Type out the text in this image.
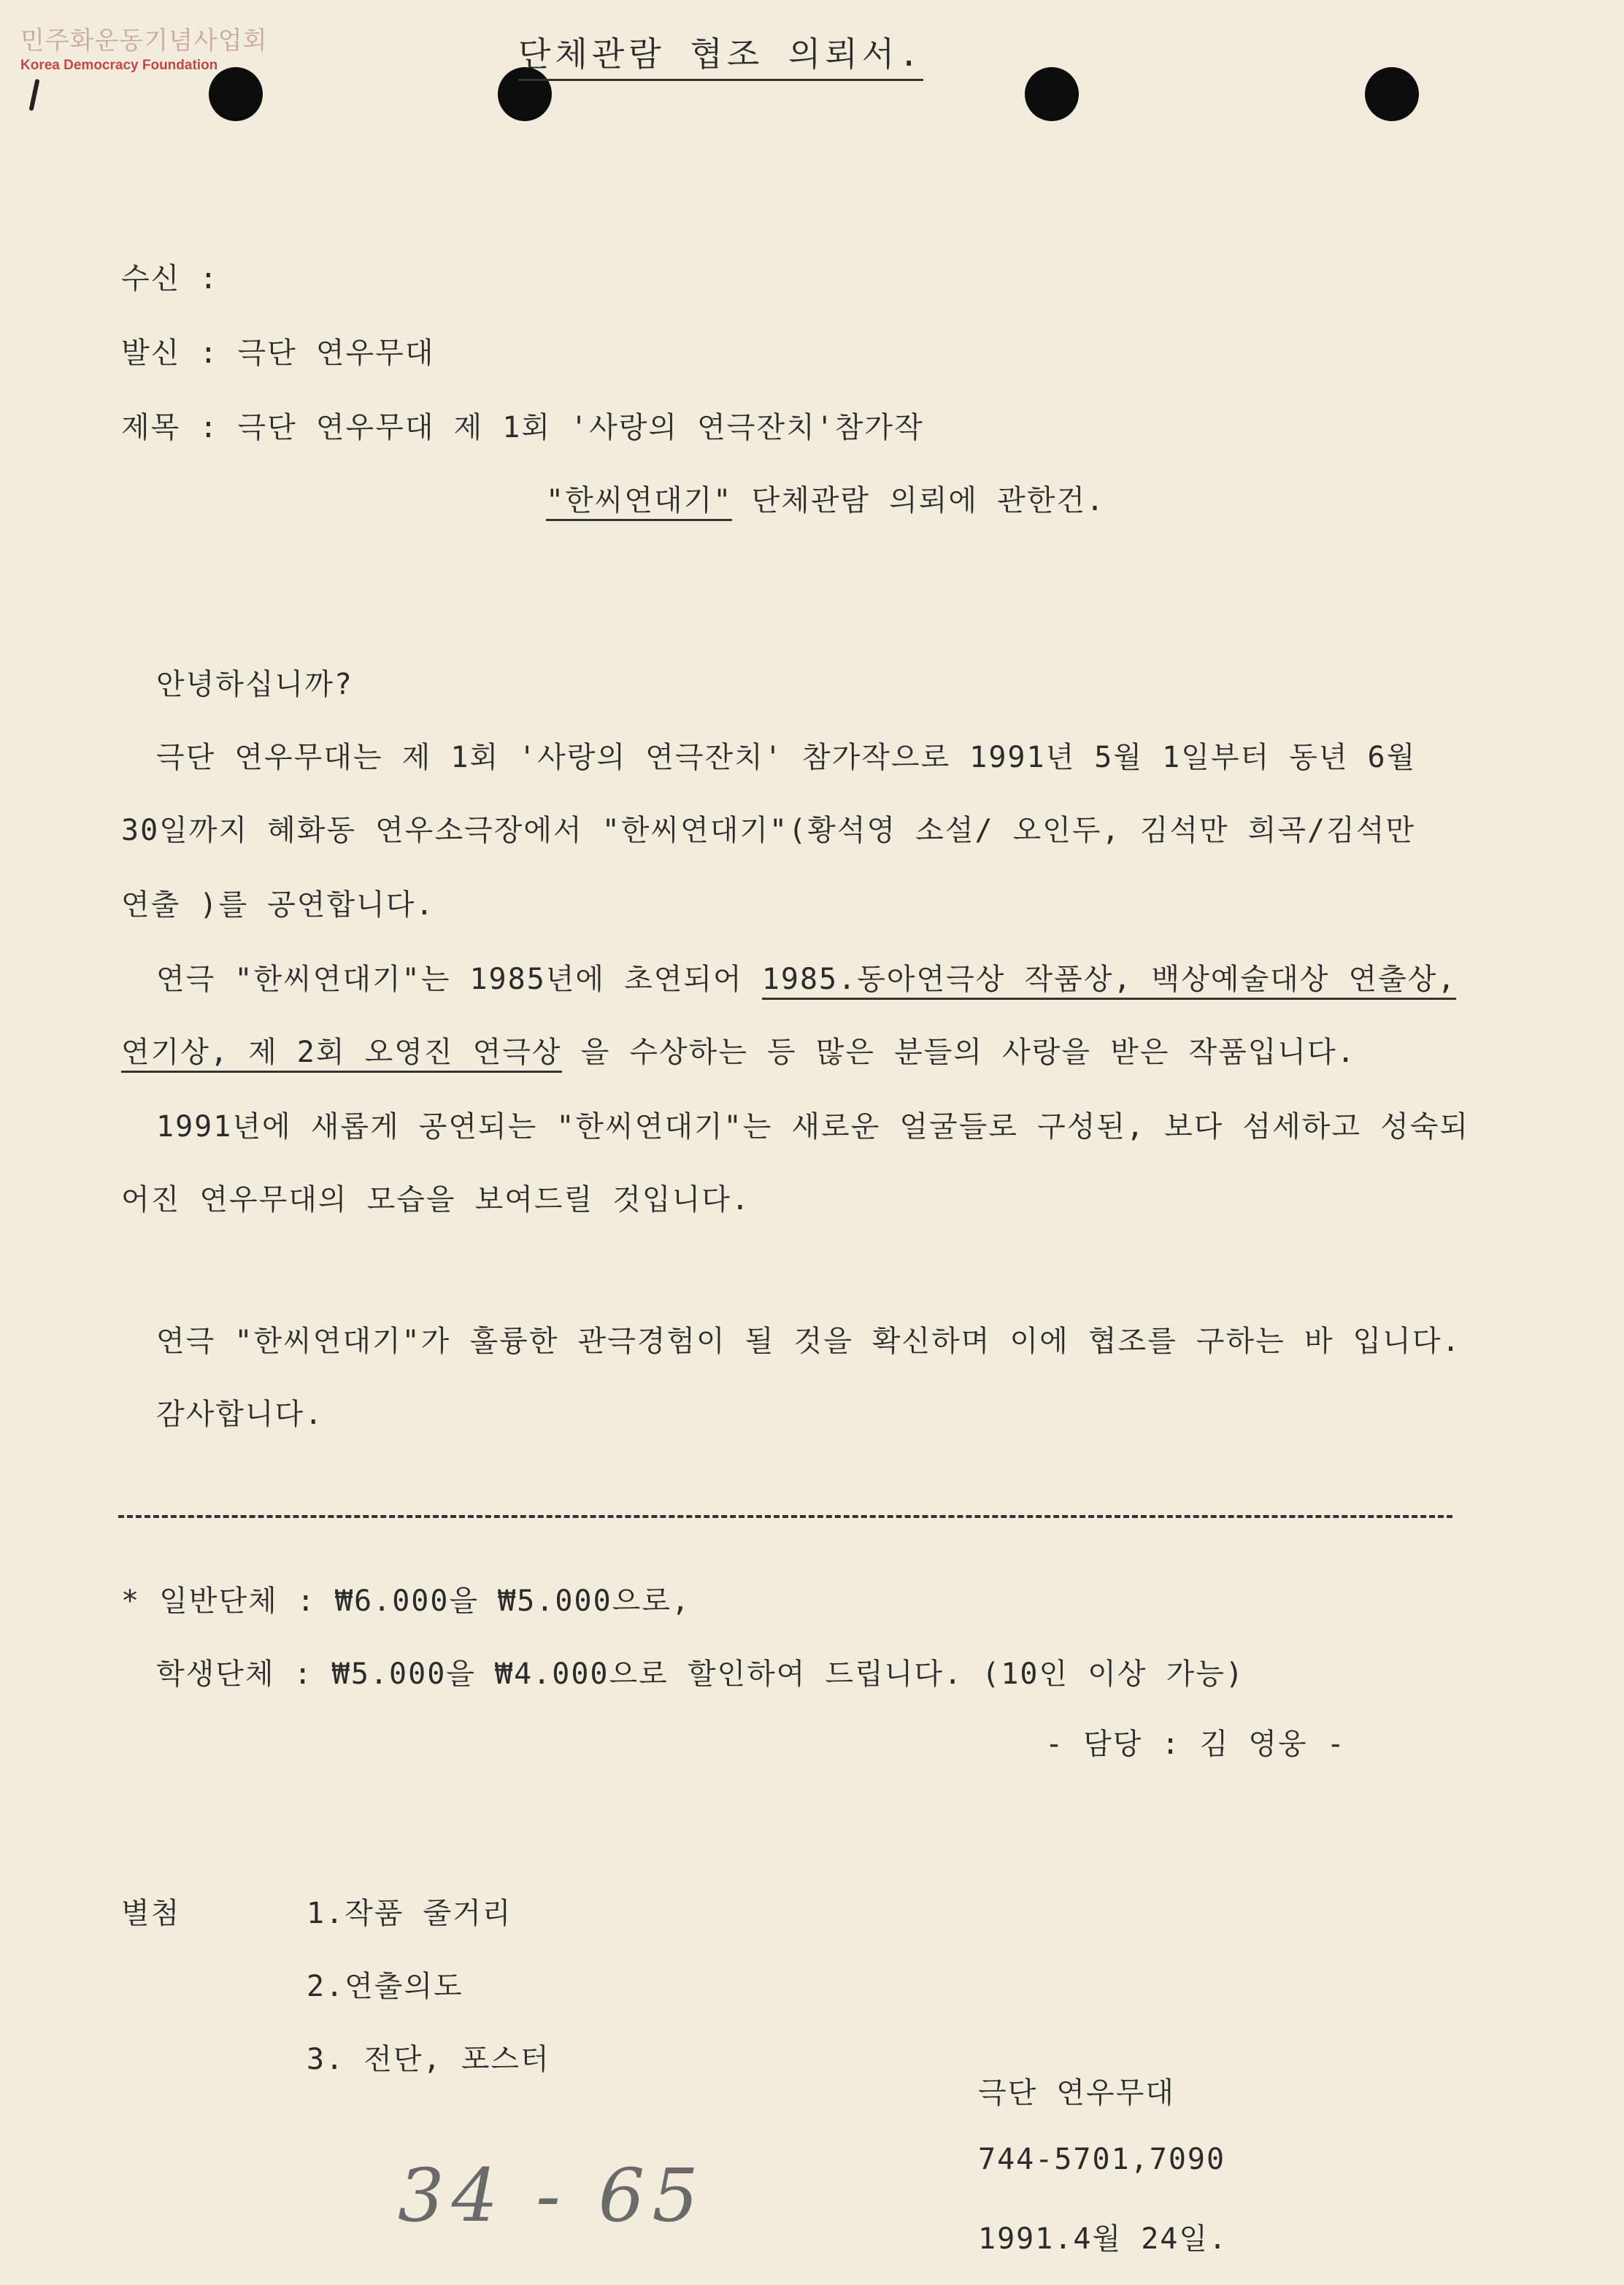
민주화운동기념사업회
Korea Democracy Foundation	단체관람 협조 의뢰서.
수신 :
발신 : 극단 연우무대
제목 : 극단 연우무대 제 1회 '사랑의 연극잔치'참가작
"한씨연대기" 단체관람 의뢰에 관한건.
안녕하십니까?
극단 연우무대는 제 1회 '사랑의 연극잔치' 참가작으로 1991년 5월 1일부터 동년 6월
30일까지 혜화동 연우소극장에서 "한씨연대기"(황석영 소설/ 오인두, 김석만 희곡/김석만
연출 )를 공연합니다.
연극 "한씨연대기"는 1985년에 초연되어 1985.동아연극상 작품상, 백상예술대상 연출상,
연기상, 제 2회 오영진 연극상 을 수상하는 등 많은 분들의 사랑을 받은 작품입니다.
1991년에 새롭게 공연되는 "한씨연대기"는 새로운 얼굴들로 구성된, 보다 섬세하고 성숙되
어진 연우무대의 모습을 보여드릴 것입니다.
연극 "한씨연대기"가 훌륭한 관극경험이 될 것을 확신하며 이에 협조를 구하는 바 입니다.
감사합니다.
* 일반단체 : ₩6.000을 ₩5.000으로,
학생단체 : ₩5.000을 ₩4.000으로 할인하여 드립니다. (10인 이상 가능)
- 담당 : 김 영웅 -
별첨	1.작품 줄거리
2.연출의도
3. 전단, 포스터
극단 연우무대
744-5701,7090
1991.4월 24일.
34 - 65
